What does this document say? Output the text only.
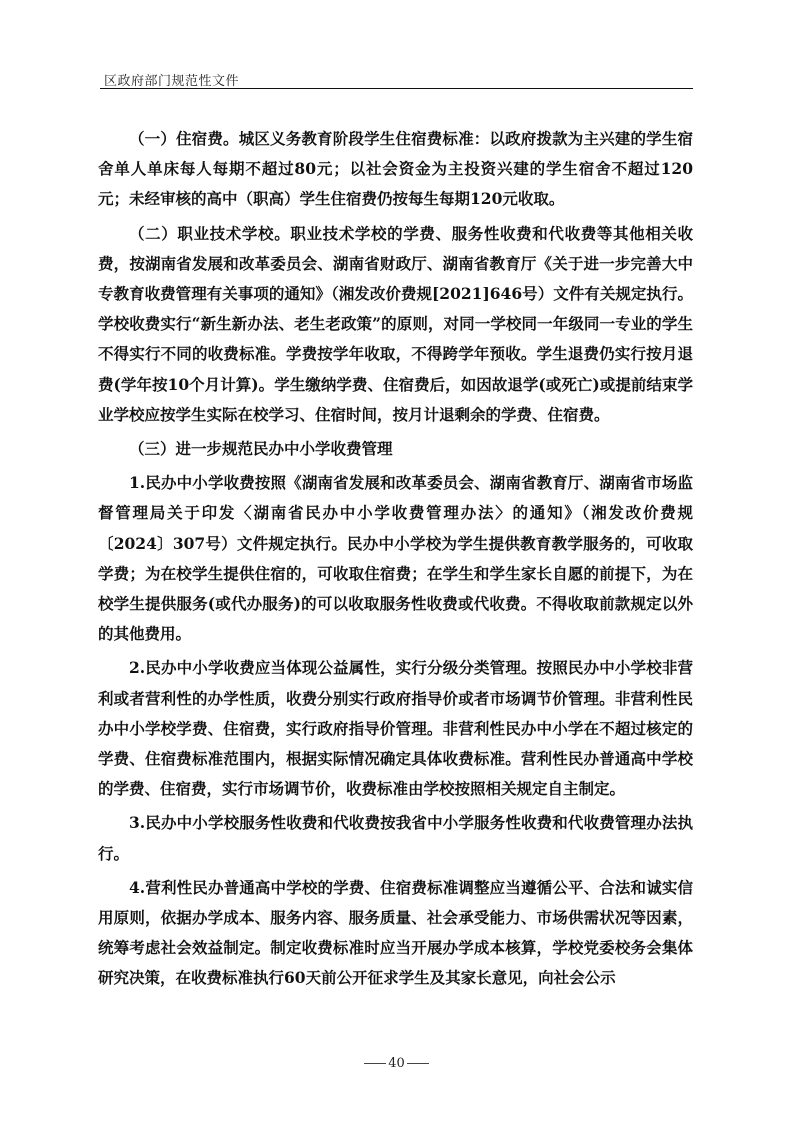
区政府部门规范性文件

（一）住宿费。城区义务教育阶段学生住宿费标准：以政府拨款为主兴建的学生宿舍单人单床每人每期不超过80元；以社会资金为主投资兴建的学生宿舍不超过120元；未经审核的高中（职高）学生住宿费仍按每生每期120元收取。

（二）职业技术学校。职业技术学校的学费、服务性收费和代收费等其他相关收费，按湖南省发展和改革委员会、湖南省财政厅、湖南省教育厅《关于进一步完善大中专教育收费管理有关事项的通知》（湘发改价费规[2021]646号）文件有关规定执行。学校收费实行“新生新办法、老生老政策”的原则，对同一学校同一年级同一专业的学生不得实行不同的收费标准。学费按学年收取，不得跨学年预收。学生退费仍实行按月退费(学年按10个月计算)。学生缴纳学费、住宿费后，如因故退学(或死亡)或提前结束学业学校应按学生实际在校学习、住宿时间，按月计退剩余的学费、住宿费。

（三）进一步规范民办中小学收费管理

1.民办中小学收费按照《湖南省发展和改革委员会、湖南省教育厅、湖南省市场监督管理局关于印发〈湖南省民办中小学收费管理办法〉的通知》（湘发改价费规〔2024〕307号）文件规定执行。民办中小学校为学生提供教育教学服务的，可收取学费；为在校学生提供住宿的，可收取住宿费；在学生和学生家长自愿的前提下，为在校学生提供服务(或代办服务)的可以收取服务性收费或代收费。不得收取前款规定以外的其他费用。

2.民办中小学收费应当体现公益属性，实行分级分类管理。按照民办中小学校非营利或者营利性的办学性质，收费分别实行政府指导价或者市场调节价管理。非营利性民办中小学校学费、住宿费，实行政府指导价管理。非营利性民办中小学在不超过核定的学费、住宿费标准范围内，根据实际情况确定具体收费标准。营利性民办普通高中学校的学费、住宿费，实行市场调节价，收费标准由学校按照相关规定自主制定。

3.民办中小学校服务性收费和代收费按我省中小学服务性收费和代收费管理办法执行。

4.营利性民办普通高中学校的学费、住宿费标准调整应当遵循公平、合法和诚实信用原则，依据办学成本、服务内容、服务质量、社会承受能力、市场供需状况等因素，统筹考虑社会效益制定。制定收费标准时应当开展办学成本核算，学校党委校务会集体研究决策，在收费标准执行60天前公开征求学生及其家长意见，向社会公示

40
